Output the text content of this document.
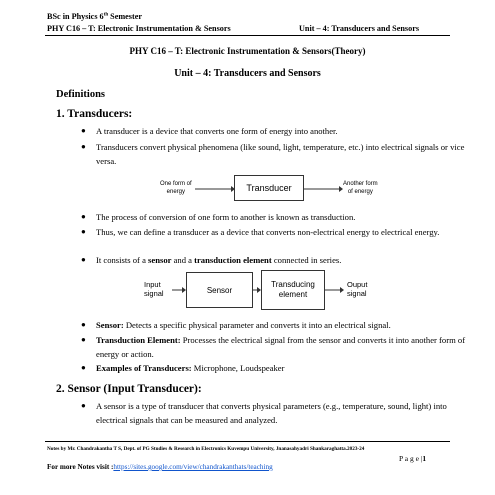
BSc in Physics 6th Semester
PHY C16 – T: Electronic Instrumentation & Sensors	Unit – 4: Transducers and Sensors
PHY C16 – T: Electronic Instrumentation & Sensors(Theory)
Unit – 4: Transducers and Sensors
Definitions
1. Transducers:
● A transducer is a device that converts one form of energy into another.
● Transducers convert physical phenomena (like sound, light, temperature, etc.) into electrical signals or vice versa.
One form of
energy	Transducer	Another form
of energy
● The process of conversion of one form to another is known as transduction.
● Thus, we can define a transducer as a device that converts non-electrical energy to electrical energy.
● It consists of a sensor and a transduction element connected in series.
Input
signal	Sensor
Transducing
element
Ouput
signal
● Sensor: Detects a specific physical parameter and converts it into an electrical signal.
● Transduction Element: Processes the electrical signal from the sensor and converts it into another form of energy or action.
● Examples of Transducers: Microphone, Loudspeaker
2. Sensor (Input Transducer):
● A sensor is a type of transducer that converts physical parameters (e.g., temperature, sound, light) into electrical signals that can be measured and analyzed.
Notes by Mr. Chandrakantha T S, Dept. of PG Studies & Research in Electronics Kuvempu University, Jnanasahyadri Shankaraghatta.2023-24
P a g e |1
For more Notes visit :https://sites.google.com/view/chandrakanthats/teaching
